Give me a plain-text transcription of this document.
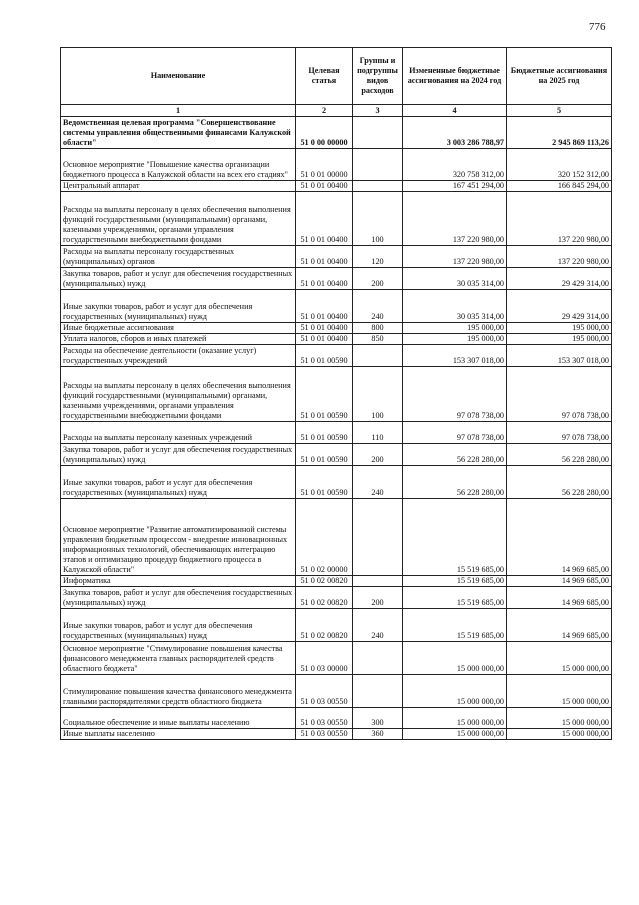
776
Наименование	Целевая статья	Группы и подгруппы видов расходов	Измененные бюджетные ассигнования на 2024 год	Бюджетные ассигнования на 2025 год
1	2	3	4	5
Ведомственная целевая программа "Совершенствование системы управления общественными финансами Калужской области"	51 0 00 00000		3 003 286 788,97	2 945 869 113,26
Основное мероприятие "Повышение качества организации бюджетного процесса в Калужской области на всех его стадиях"	51 0 01 00000		320 758 312,00	320 152 312,00
Центральный аппарат	51 0 01 00400		167 451 294,00	166 845 294,00
Расходы на выплаты персоналу в целях обеспечения выполнения функций государственными (муниципальными) органами, казенными учреждениями, органами управления государственными внебюджетными фондами	51 0 01 00400	100	137 220 980,00	137 220 980,00
Расходы на выплаты персоналу государственных (муниципальных) органов	51 0 01 00400	120	137 220 980,00	137 220 980,00
Закупка товаров, работ и услуг для обеспечения государственных (муниципальных) нужд	51 0 01 00400	200	30 035 314,00	29 429 314,00
Иные закупки товаров, работ и услуг для обеспечения государственных (муниципальных) нужд	51 0 01 00400	240	30 035 314,00	29 429 314,00
Иные бюджетные ассигнования	51 0 01 00400	800	195 000,00	195 000,00
Уплата налогов, сборов и иных платежей	51 0 01 00400	850	195 000,00	195 000,00
Расходы на обеспечение деятельности (оказание услуг) государственных учреждений	51 0 01 00590		153 307 018,00	153 307 018,00
Расходы на выплаты персоналу в целях обеспечения выполнения функций государственными (муниципальными) органами, казенными учреждениями, органами управления государственными внебюджетными фондами	51 0 01 00590	100	97 078 738,00	97 078 738,00
Расходы на выплаты персоналу казенных учреждений	51 0 01 00590	110	97 078 738,00	97 078 738,00
Закупка товаров, работ и услуг для обеспечения государственных (муниципальных) нужд	51 0 01 00590	200	56 228 280,00	56 228 280,00
Иные закупки товаров, работ и услуг для обеспечения государственных (муниципальных) нужд	51 0 01 00590	240	56 228 280,00	56 228 280,00
Основное мероприятие "Развитие автоматизированной системы управления бюджетным процессом - внедрение инновационных информационных технологий, обеспечивающих интеграцию этапов и оптимизацию процедур бюджетного процесса в Калужской области"	51 0 02 00000		15 519 685,00	14 969 685,00
Информатика	51 0 02 00820		15 519 685,00	14 969 685,00
Закупка товаров, работ и услуг для обеспечения государственных (муниципальных) нужд	51 0 02 00820	200	15 519 685,00	14 969 685,00
Иные закупки товаров, работ и услуг для обеспечения государственных (муниципальных) нужд	51 0 02 00820	240	15 519 685,00	14 969 685,00
Основное мероприятие "Стимулирование повышения качества финансового менеджмента главных распорядителей средств областного бюджета"	51 0 03 00000		15 000 000,00	15 000 000,00
Стимулирование повышения качества финансового менеджмента главными распорядителями средств областного бюджета	51 0 03 00550		15 000 000,00	15 000 000,00
Социальное обеспечение и иные выплаты населению	51 0 03 00550	300	15 000 000,00	15 000 000,00
Иные выплаты населению	51 0 03 00550	360	15 000 000,00	15 000 000,00
